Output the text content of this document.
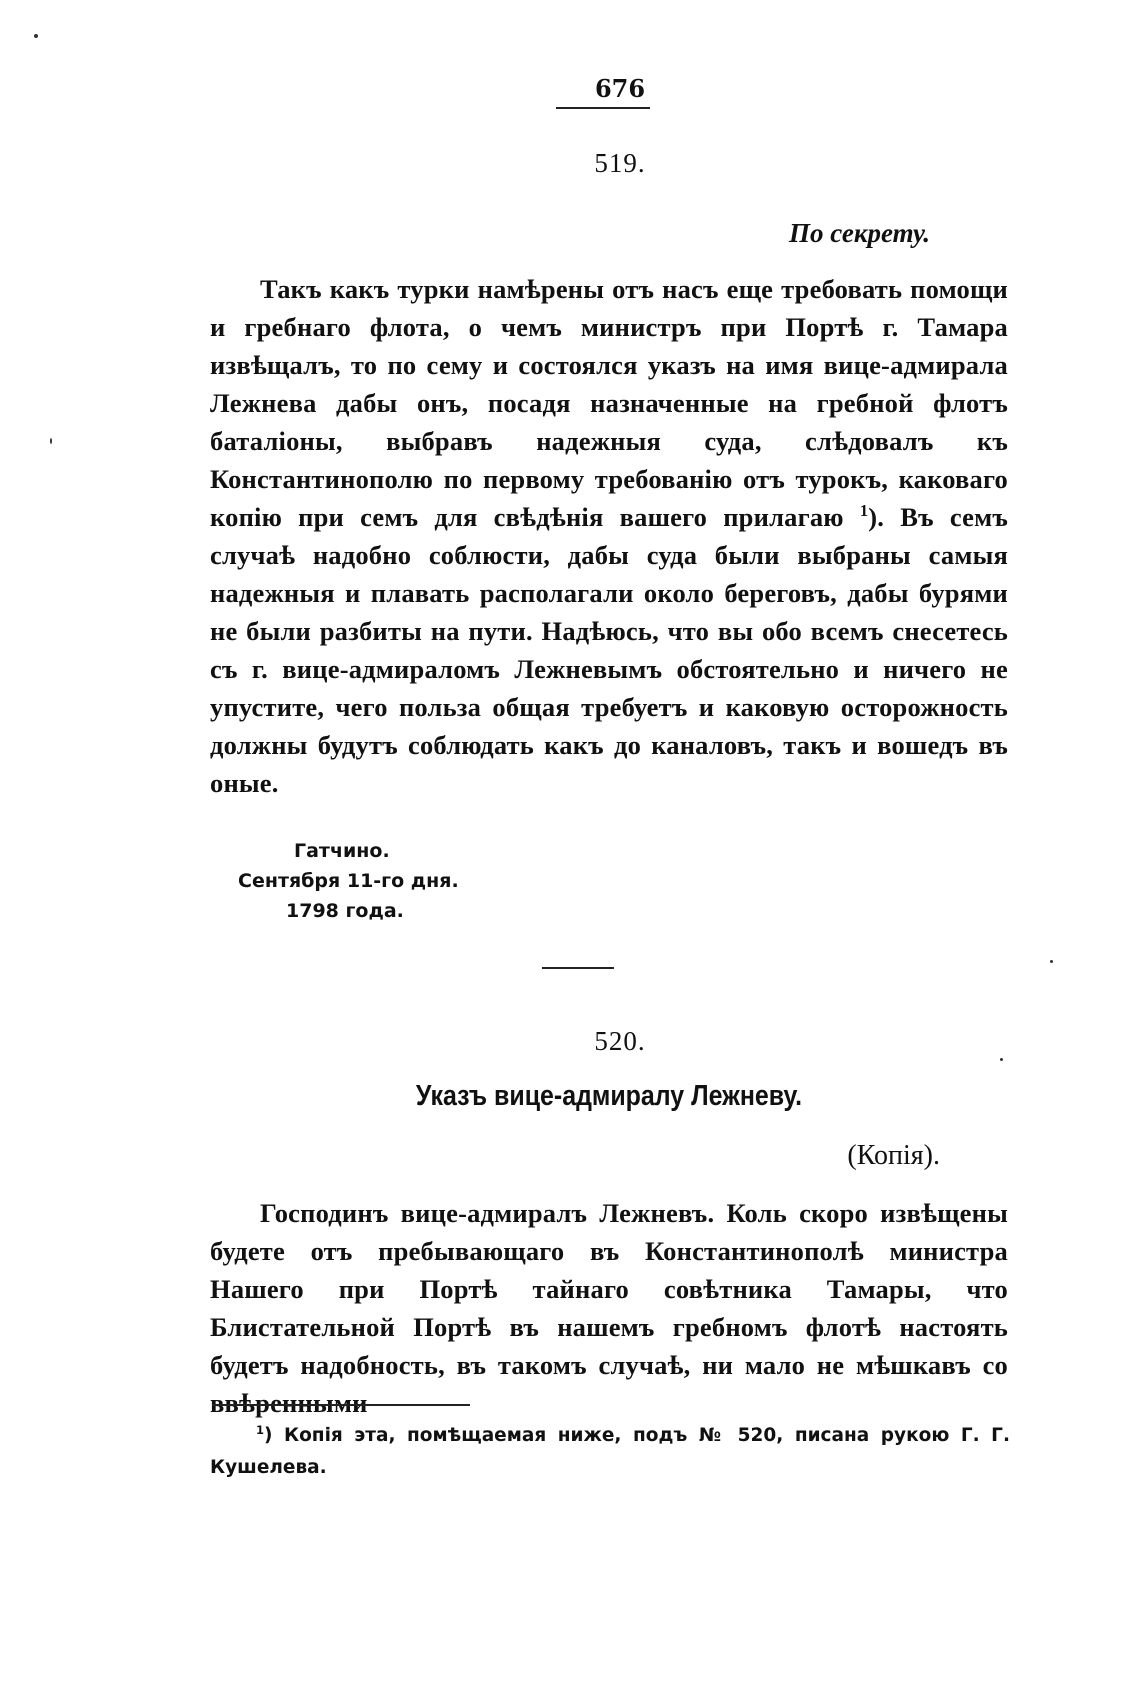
676
519.
По секрету.
Такъ какъ турки намѣрены отъ насъ еще требовать помощи и гребнаго флота, о чемъ министръ при Портѣ г. Тамара извѣщалъ, то по сему и состоялся указъ на имя вице-адмирала Лежнева дабы онъ, посадя назначенные на гребной флотъ баталіоны, выбравъ надежныя суда, слѣдовалъ къ Константинополю по первому требованію отъ турокъ, каковаго копію при семъ для свѣдѣнія вашего прилагаю $^1$). Въ семъ случаѣ надобно соблюсти, дабы суда были выбраны самыя надежныя и плавать располагали около береговъ, дабы бурями не были разбиты на пути. Надѣюсь, что вы обо всемъ снесетесь съ г. вице-адмираломъ Лежневымъ обстоятельно и ничего не упустите, чего польза общая требуетъ и каковую осторожность должны будутъ соблюдать какъ до каналовъ, такъ и вошедъ въ оные.
Гатчино.
Сентября 11-го дня.
1798 года.
520.
Указъ вице-адмиралу Лежневу.
(Копія).
Господинъ вице-адмиралъ Лежневъ. Коль скоро извѣщены будете отъ пребывающаго въ Константинополѣ министра Нашего при Портѣ тайнаго совѣтника Тамары, что Блистательной Портѣ въ нашемъ гребномъ флотѣ настоять будетъ надобность, въ такомъ случаѣ, ни мало не мѣшкавъ со ввѣренными
$^1$) Копія эта, помѣщаемая ниже, подъ № 520, писана рукою Г. Г. Кушелева.
